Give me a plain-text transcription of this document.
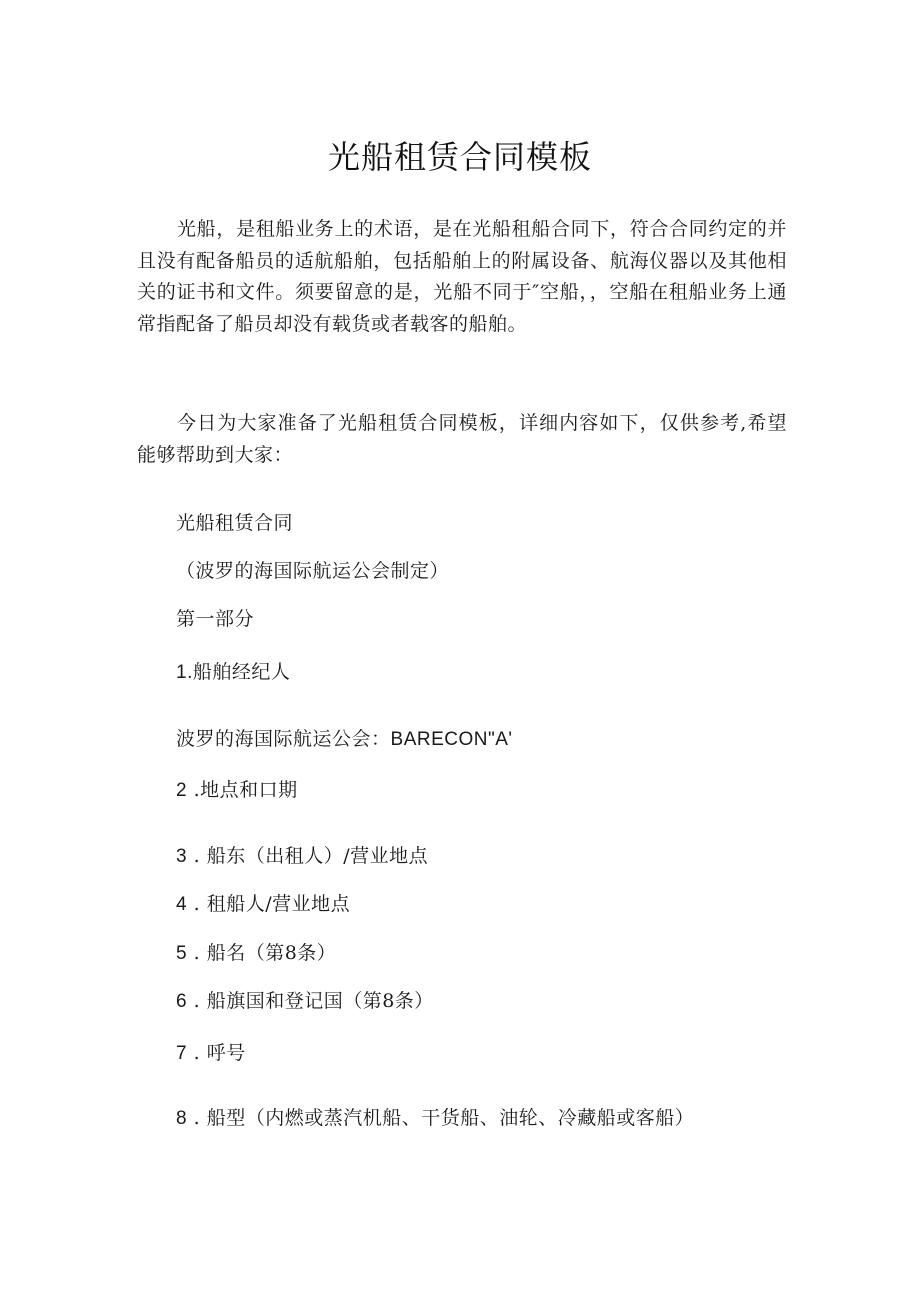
光船租赁合同模板
光船，是租船业务上的术语，是在光船租船合同下，符合合同约定的并且没有配备船员的适航船舶，包括船舶上的附属设备、航海仪器以及其他相关的证书和文件。须要留意的是，光船不同于″空船，，空船在租船业务上通常指配备了船员却没有载货或者载客的船舶。
今日为大家准备了光船租赁合同模板，详细内容如下，仅供参考,希望能够帮助到大家：
光船租赁合同
（波罗的海国际航运公会制定）
第一部分
1.船舶经纪人
波罗的海国际航运公会：BARECON"A'
2 .地点和口期
3 . 船东（出租人）/营业地点
4 . 租船人/营业地点
5 . 船名（第8条）
6 . 船旗国和登记国（第8条）
7 . 呼号
8 . 船型（内燃或蒸汽机船、干货船、油轮、冷藏船或客船）
